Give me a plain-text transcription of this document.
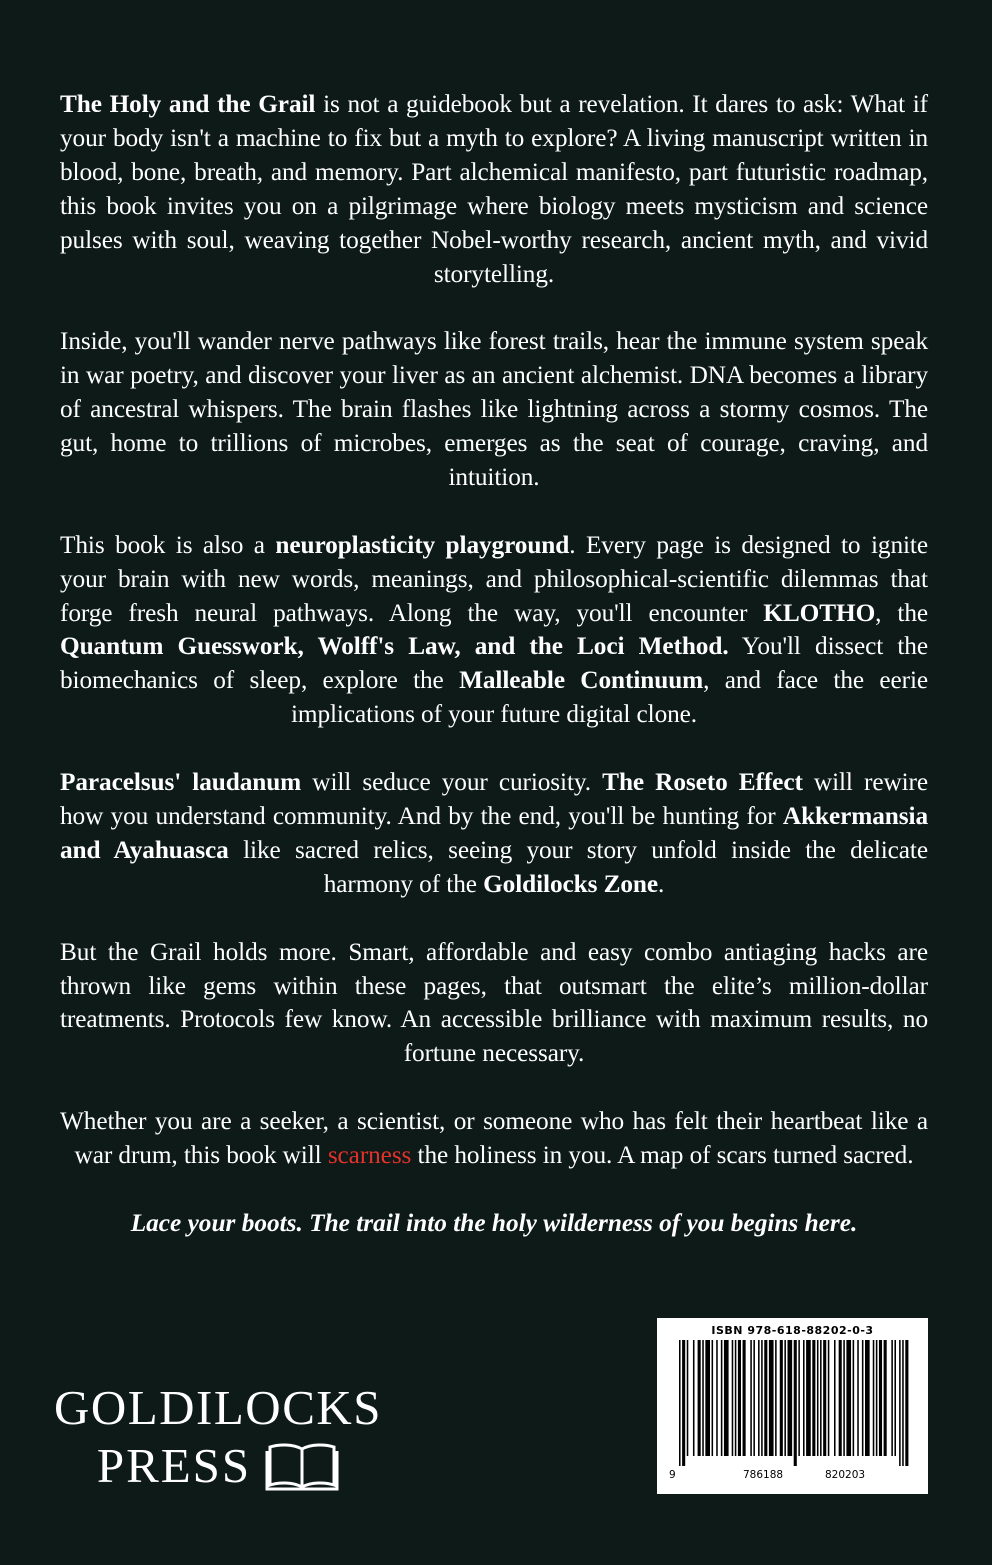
The Holy and the Grail is not a guidebook but a revelation. It dares to ask: What if your body isn't a machine to fix but a myth to explore? A living manuscript written in blood, bone, breath, and memory. Part alchemical manifesto, part futuristic roadmap, this book invites you on a pilgrimage where biology meets mysticism and science pulses with soul, weaving together Nobel-worthy research, ancient myth, and vivid storytelling.

Inside, you'll wander nerve pathways like forest trails, hear the immune system speak in war poetry, and discover your liver as an ancient alchemist. DNA becomes a library of ancestral whispers. The brain flashes like lightning across a stormy cosmos. The gut, home to trillions of microbes, emerges as the seat of courage, craving, and intuition.

This book is also a neuroplasticity playground. Every page is designed to ignite your brain with new words, meanings, and philosophical-scientific dilemmas that forge fresh neural pathways. Along the way, you'll encounter KLOTHO, the Quantum Guesswork, Wolff's Law, and the Loci Method. You'll dissect the biomechanics of sleep, explore the Malleable Continuum, and face the eerie implications of your future digital clone.

Paracelsus' laudanum will seduce your curiosity. The Roseto Effect will rewire how you understand community. And by the end, you'll be hunting for Akkermansia and Ayahuasca like sacred relics, seeing your story unfold inside the delicate harmony of the Goldilocks Zone.

But the Grail holds more. Smart, affordable and easy combo antiaging hacks are thrown like gems within these pages, that outsmart the elite’s million-dollar treatments. Protocols few know. An accessible brilliance with maximum results, no fortune necessary.

Whether you are a seeker, a scientist, or someone who has felt their heartbeat like a war drum, this book will scarness the holiness in you. A map of scars turned sacred.

Lace your boots. The trail into the holy wilderness of you begins here.

GOLDILOCKS
PRESS
ISBN 978-618-88202-0-3
9	786188	820203
